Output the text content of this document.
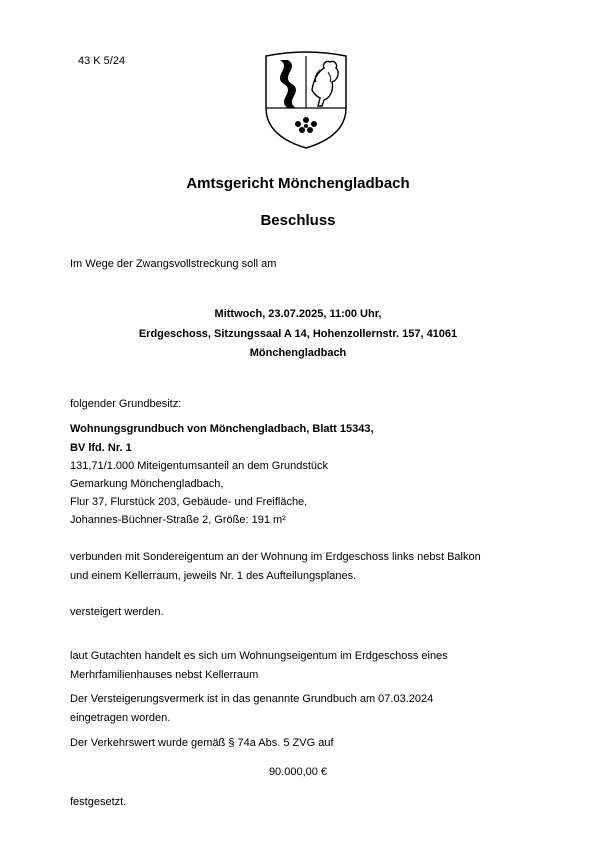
43 K 5/24
Amtsgericht Mönchengladbach
Beschluss
Im Wege der Zwangsvollstreckung soll am
Mittwoch, 23.07.2025, 11:00 Uhr,
Erdgeschoss, Sitzungssaal A 14, Hohenzollernstr. 157, 41061
Mönchengladbach
folgender Grundbesitz:
Wohnungsgrundbuch von Mönchengladbach, Blatt 15343,
BV lfd. Nr. 1
131,71/1.000 Miteigentumsanteil an dem Grundstück
Gemarkung Mönchengladbach,
Flur 37, Flurstück 203, Gebäude- und Freifläche,
Johannes-Büchner-Straße 2, Größe: 191 m²
verbunden mit Sondereigentum an der Wohnung im Erdgeschoss links nebst Balkon
und einem Kellerraum, jeweils Nr. 1 des Aufteilungsplanes.
versteigert werden.
laut Gutachten handelt es sich um Wohnungseigentum im Erdgeschoss eines
Merhrfamilienhauses nebst Kellerraum
Der Versteigerungsvermerk ist in das genannte Grundbuch am 07.03.2024
eingetragen worden.
Der Verkehrswert wurde gemäß § 74a Abs. 5 ZVG auf
90.000,00 €
festgesetzt.
